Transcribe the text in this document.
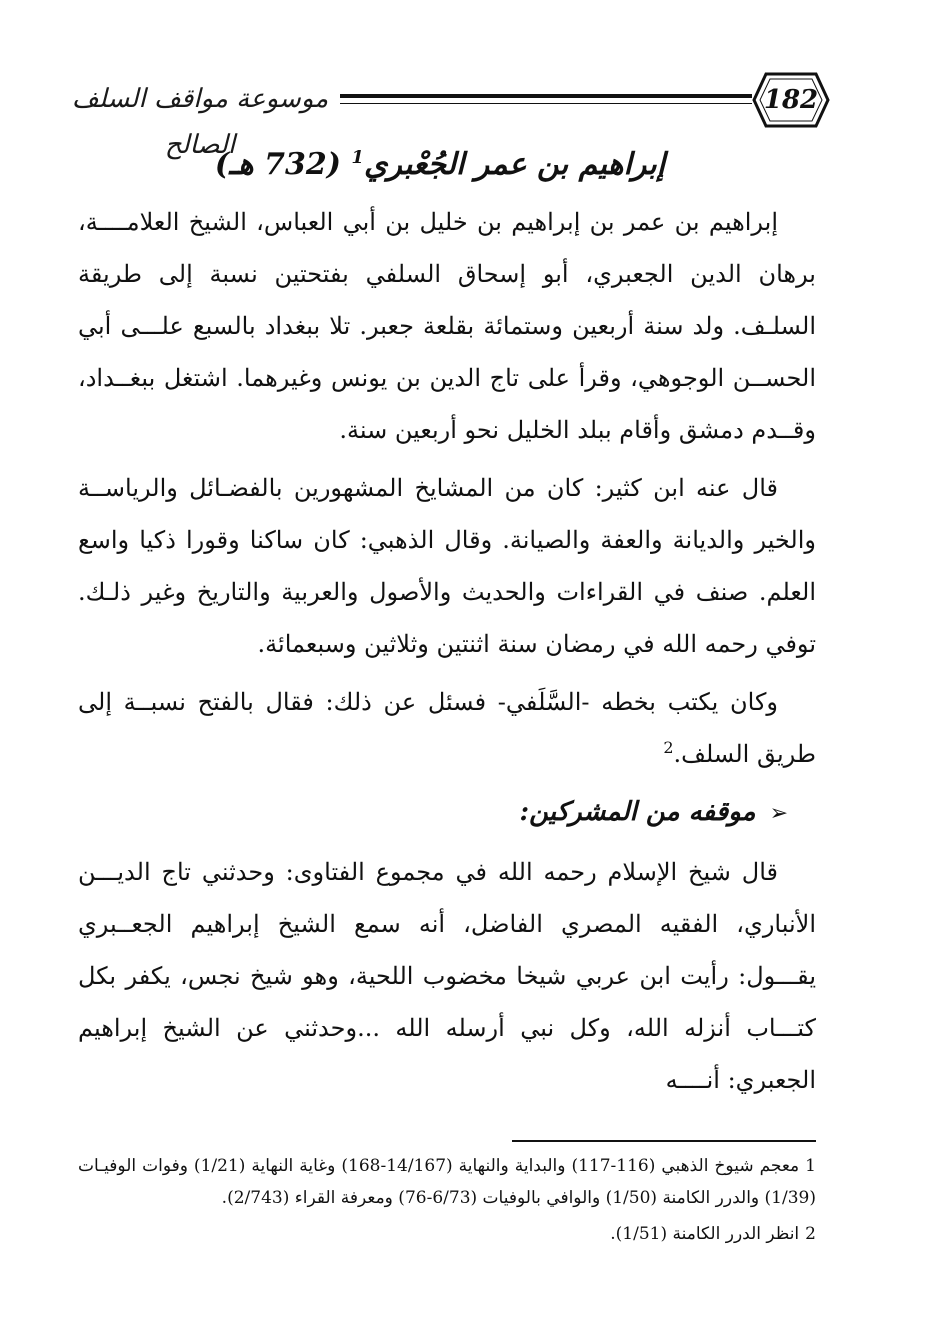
موسوعة مواقف السلف الصالح
182
إبراهيم بن عمر الجُعْبري$^1$ (732 هـ)

إبراهيم بن عمر بن إبراهيم بن خليل بن أبي العباس، الشيخ العلامــــة، برهان الدين الجعبري، أبو إسحاق السلفي بفتحتين نسبة إلى طريقة السلـف. ولد سنة أربعين وستمائة بقلعة جعبر. تلا ببغداد بالسبع علـــى أبي الحســن الوجوهي، وقرأ على تاج الدين بن يونس وغيرهما. اشتغل ببغــداد، وقــدم دمشق وأقام ببلد الخليل نحو أربعين سنة.

قال عنه ابن كثير: كان من المشايخ المشهورين بالفضـائل والرياســة والخير والديانة والعفة والصيانة. وقال الذهبي: كان ساكنا وقورا ذكيا واسع العلم. صنف في القراءات والحديث والأصول والعربية والتاريخ وغير ذلـك. توفي رحمه الله في رمضان سنة اثنتين وثلاثين وسبعمائة.

وكان يكتب بخطه -السَّلَفي- فسئل عن ذلك: فقال بالفتح نسبــة إلى طريق السلف.$^2$

➢موقفه من المشركين:

قال شيخ الإسلام رحمه الله في مجموع الفتاوى: وحدثني تاج الديـــن الأنباري، الفقيه المصري الفاضل، أنه سمع الشيخ إبراهيم الجعــبري يقـــول: رأيت ابن عربي شيخا مخضوب اللحية، وهو شيخ نجس، يكفر بكل كتـــاب أنزله الله، وكل نبي أرسله الله ...وحدثني عن الشيخ إبراهيم الجعبري: أنــــه

1معجم شيوخ الذهبي (116-117) والبداية والنهاية (14/167-168) وغاية النهاية (1/21) وفوات الوفيـات (1/39) والدرر الكامنة (1/50) والوافي بالوفيات (6/73-76) ومعرفة القراء (2/743).

2انظر الدرر الكامنة (1/51).
